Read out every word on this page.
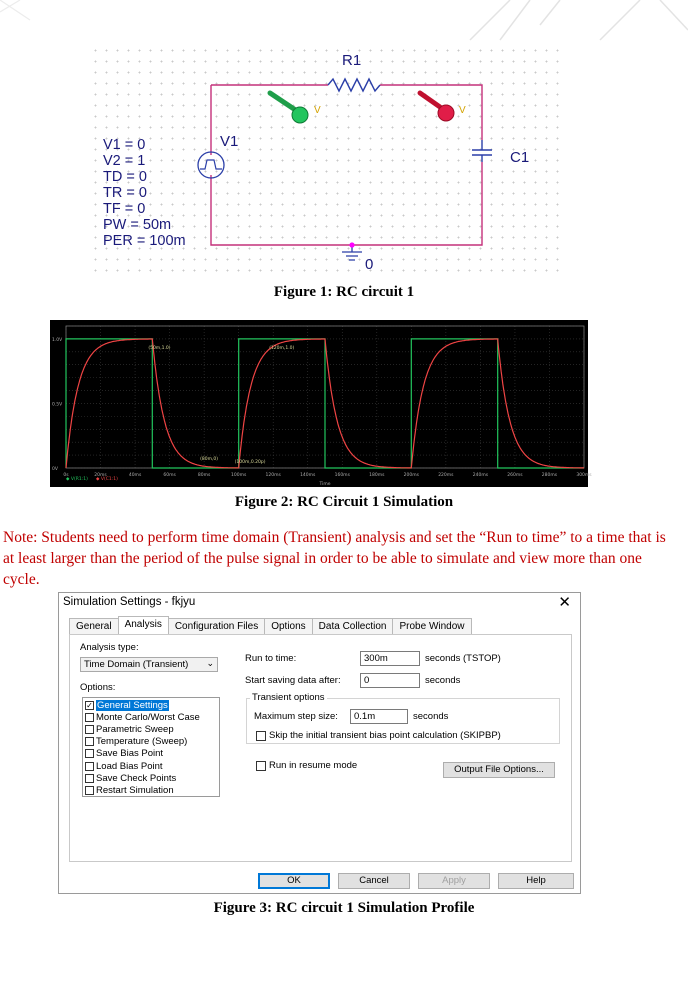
R1
V1
C1
0
V	V
V1 = 0
V2 = 1
TD = 0
TR = 0
TF = 0
PW = 50m
PER = 100m
Figure 1: RC circuit 1
0s	20ms	40ms	60ms	80ms	100ms	120ms	140ms	160ms	180ms	200ms	220ms	240ms	260ms	280ms	300ms
0V
0.5V
1.0V
Time
◆ V(R1:1) ◆ V(C1:1)
(50m,1.0)	(120m,1.0)
(80m,0)
(100m,0.20p)
Figure 2: RC Circuit 1 Simulation

Note: Students need to perform time domain (Transient) analysis and set the “Run to time” to a time that is at least larger than the period of the pulse signal in order to be able to simulate and view more than one cycle.

Simulation Settings - fkjyu	✕
General	Analysis	Configuration Files	Options	Data Collection	Probe Window
Analysis type:
Time Domain (Transient) ⌄
Options:
✓ General Settings
Monte Carlo/Worst Case
Parametric Sweep
Temperature (Sweep)
Save Bias Point
Load Bias Point
Save Check Points
Restart Simulation
Run to time:	300m	seconds (TSTOP)
Start saving data after:	0	seconds
Transient options
Maximum step size:	0.1m	seconds
Skip the initial transient bias point calculation (SKIPBP)
Run in resume mode	Output File Options...
OK	Cancel	Apply	Help
Figure 3: RC circuit 1 Simulation Profile
